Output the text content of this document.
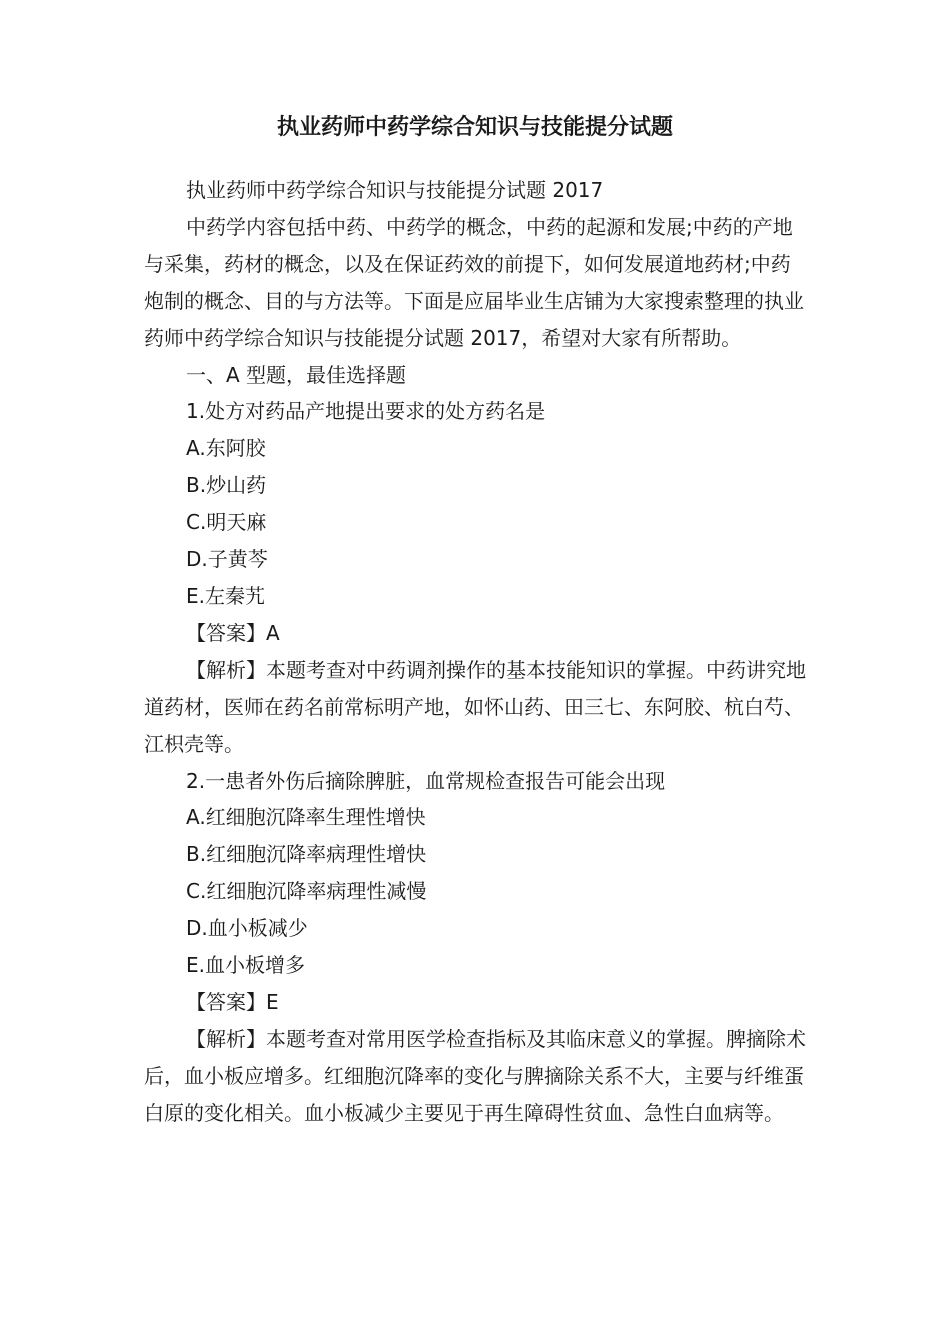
执业药师中药学综合知识与技能提分试题

执业药师中药学综合知识与技能提分试题 2017

中药学内容包括中药、中药学的概念，中药的起源和发展;中药的产地与采集，药材的概念，以及在保证药效的前提下，如何发展道地药材;中药炮制的概念、目的与方法等。下面是应届毕业生店铺为大家搜索整理的执业药师中药学综合知识与技能提分试题 2017，希望对大家有所帮助。

一、A 型题，最佳选择题

1.处方对药品产地提出要求的处方药名是

A.东阿胶

B.炒山药

C.明天麻

D.子黄芩

E.左秦艽

【答案】A

【解析】本题考查对中药调剂操作的基本技能知识的掌握。中药讲究地道药材，医师在药名前常标明产地，如怀山药、田三七、东阿胶、杭白芍、江枳壳等。

2.一患者外伤后摘除脾脏，血常规检查报告可能会出现

A.红细胞沉降率生理性增快

B.红细胞沉降率病理性增快

C.红细胞沉降率病理性减慢

D.血小板减少

E.血小板增多

【答案】E

【解析】本题考查对常用医学检查指标及其临床意义的掌握。脾摘除术后，血小板应增多。红细胞沉降率的变化与脾摘除关系不大，主要与纤维蛋白原的变化相关。血小板减少主要见于再生障碍性贫血、急性白血病等。
